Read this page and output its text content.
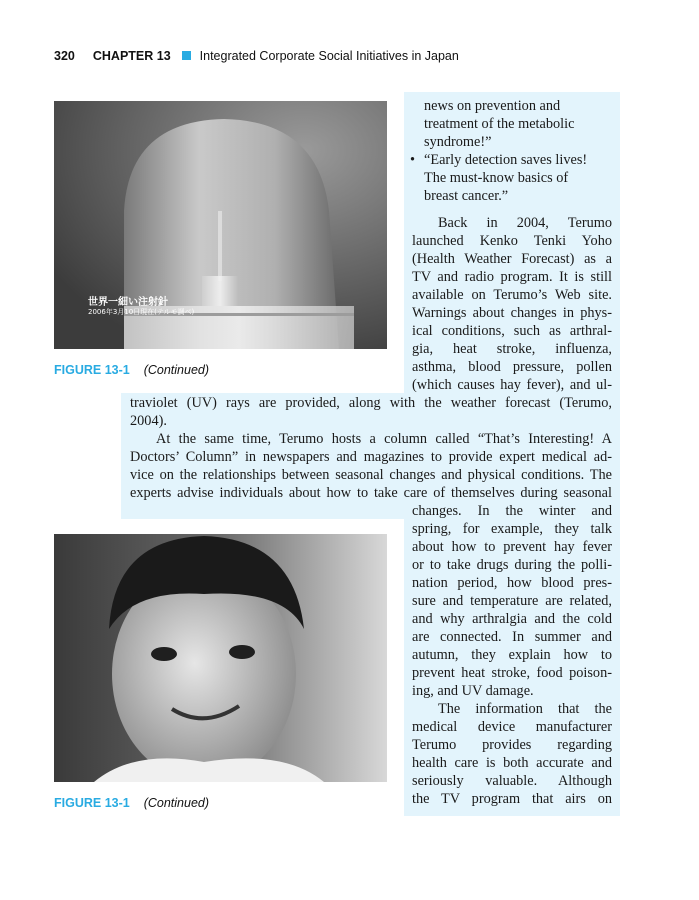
320 CHAPTER 13 Integrated Corporate Social Initiatives in Japan
世界一細い注射針
2006年3月10日現在(テルモ調べ)
FIGURE 13-1 (Continued)
FIGURE 13-1 (Continued)
news on prevention and
treatment of the metabolic
syndrome!”
• “Early detection saves lives!
The must-know basics of
breast cancer.”
Back in 2004, Terumo
launched Kenko Tenki Yoho
(Health Weather Forecast) as a
TV and radio program. It is still
available on Terumo’s Web site.
Warnings about changes in phys-
ical conditions, such as arthral-
gia, heat stroke, influenza,
asthma, blood pressure, pollen
(which causes hay fever), and ul-
traviolet (UV) rays are provided, along with the weather forecast (Terumo,
2004).
At the same time, Terumo hosts a column called “That’s Interesting! A
Doctors’ Column” in newspapers and magazines to provide expert medical ad-
vice on the relationships between seasonal changes and physical conditions. The
experts advise individuals about how to take care of themselves during seasonal
changes. In the winter and
spring, for example, they talk
about how to prevent hay fever
or to take drugs during the polli-
nation period, how blood pres-
sure and temperature are related,
and why arthralgia and the cold
are connected. In summer and
autumn, they explain how to
prevent heat stroke, food poison-
ing, and UV damage.
The information that the
medical device manufacturer
Terumo provides regarding
health care is both accurate and
seriously valuable. Although
the TV program that airs on
